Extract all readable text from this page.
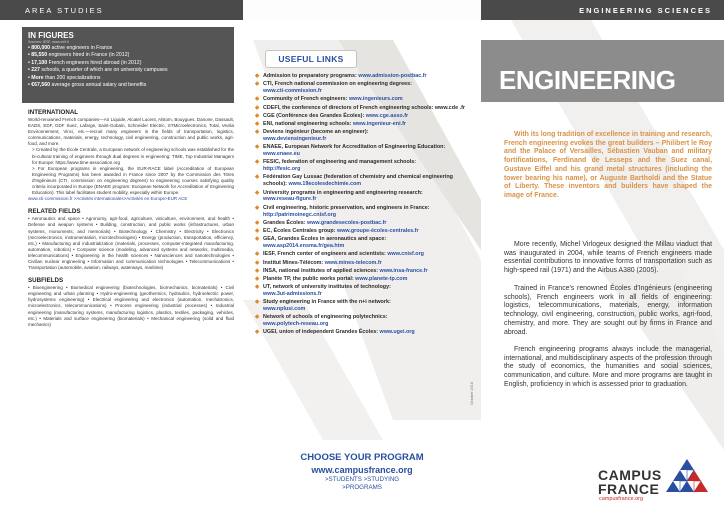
AREA STUDIES
IN FIGURES
Sources: IESF, www.ceif.fr
• 800,000 active engineers in France
• 85,550 engineers hired in France (in 2012)
• 17,100 French engineers hired abroad (in 2012)
• 227 schools, a quarter of which are on university campuses
• More than 200 specializations
• €67,560 average gross annual salary and benefits
INTERNATIONAL

World-renowned French companies—Air Liquide, Alcatel Lucent, Alstom, Bouygues, Danone, Dassault, EADS, EDF, GDF Suez, Lafarge, Saint-Gobain, Schneider Electric, STMicroelectronics, Total, Veolia Environnement, Vinci, etc.—recruit many engineers in the fields of transportation, logistics, communications, materials, energy, technology, civil engineering, construction and public works, agri-food, and more.

> Created by the École Centrale, a European network of engineering schools was established for the bi-cultural training of engineers through dual degrees in engineering: TIME, Top Industrial Managers for Europe: https://www.time-association.org

> For European programs in engineering, the EUR-RACE label (Accreditation of European Engineering Programs) has been awarded in France since 2007 by the Commission des Titres d'Ingénieurs (CTI, commission on engineering degrees) to engineering courses satisfying quality criteria incorporated in Europe (ENAEE program: European Network for Accreditation of Engineering Education). This label facilitates student mobility, especially within Europe.

www.cti-commission.fr >Activités internationales>Activités en Europe>EUR ACE

RELATED FIELDS

• Aeronautics and space • Agronomy, agri-food, agriculture, viniculture, environment, and health • Defense and weapon systems • Building, construction, and public works (infrastructures, urban systems, monuments, and memorials) • Biotechnology • Chemistry • Electricity • Electronics (microelectronics, instrumentation, microtechnologies) • Energy (production, transportation, efficiency, etc.) • Manufacturing and industrialization (materials, processes, computer-integrated manufacturing, automation, robotics) • Computer science (modeling, advanced systems and networks, multimedia, telecommunications) • Engineering in the health sciences • Nanosciences and nanotechnologies • Civilian nuclear engineering • Information and communication technologies • Telecommunications • Transportation (automobile, aviation, railways, waterways, maritime)

SUBFIELDS

• Bioengineering • Biomedical engineering (biotechnologies, biomechanics, biomaterials) • Civil engineering and urban planning • Hydro-engineering (geothermics, hydraulics, hydroelectric power, hydrosystems engineering) • Electrical engineering and electronics (automation, mechatronics, microelectronics, telecommunications) • Process engineering (industrial processes) • Industrial engineering (manufacturing systems, manufacturing logistics, plastics, textiles, packaging, vehicles, etc.) • Materials and surface engineering (biomaterials) • Mechanical engineering (solid and fluid mechanics)

USEFUL LINKS
◆ Admission to preparatory programs: www.admission-postbac.fr
◆ CTI, French national commission on engineering degrees:
www.cti-commission.fr
◆ Community of French engineers: www.ingenieurs.com
◆ CDEFI, the conference of directors of French engineering schools: www.cde .fr
◆ CGE (Conférence des Grandes Écoles): www.cge.asso.fr
◆ ENI, national engineering schools: www.ingenieur-eni.fr
◆ Deviens ingénieur (become an engineer):
www.deviensingenieur.fr
◆ ENAEE, European Network for Accreditation of Engineering Education: www.enaee.eu
◆ FESIC, federation of engineering and management schools:
http://fesic.org
◆ Fédération Gay Lussac (federation of chemistry and chemical engineering schools): www.19ecolesdechimie.com
◆ University programs in engineering and engineering research:
www.reseau-figure.fr
◆ Civil engineering, historic preservation, and engineers in France:
http://patrimoinegc.cnisf.org
◆ Grandes Écoles: www.grandesecoles-postbac.fr
◆ EC, Écoles Centrales group: www.groupe-écoles-centrales.fr
◆ GEA, Grandes Écoles in aeronautics and space:
www.asp2014.ensma.fr/gea.htm
◆ IESF, French center of engineers and scientists: www.cnisf.org
◆ Institut Mines-Télécom: www.mines-telecom.fr
◆ INSA, national institutes of applied sciences: www.insa-france.fr
◆ Planète TP, the public works portal: www.planete-tp.com
◆ UT, network of university institutes of technology:
www.3ut-admissions.fr
◆ Study engineering in France with the n+i network:
www.nplusi.com
◆ Network of schools of engineering polytechnics:
www.polytech-reseau.org
◆ UGEI, union of independent Grandes Écoles: www.ugei.org
October 2016
CHOOSE YOUR PROGRAM
www.campusfrance.org
>STUDENTS >STUDYING
>PROGRAMS
ENGINEERING SCIENCES
ENGINEERING

With its long tradition of excellence in training and research, French engineering evokes the great builders – Philibert le Roy and the Palace of Versailles, Sébastien Vauban and military fortifications, Ferdinand de Lesseps and the Suez canal, Gustave Eiffel and his grand metal structures (including the tower bearing his name), or Auguste Bartholdi and the Statue of Liberty. These inventors and builders have shaped the image of France.

More recently, Michel Virlogeux designed the Millau viaduct that was inaugurated in 2004, while teams of French engineers made essential contributions to innovative forms of transportation such as high-speed rail (1971) and the Airbus A380 (2005).

Trained in France's renowned Écoles d'Ingénieurs (engineering schools), French engineers work in all fields of engineering: logistics, telecommunications, materials, energy, information technology, civil engineering, construction, public works, agri-food, chemistry, and more. They are sought out by firms in France and abroad.

French engineering programs always include the managerial, international, and multidisciplinary aspects of the profession through the study of economics, the humanities and social sciences, communication, and culture. More and more programs are taught in English, proficiency in which is assessed prior to graduation.

CAMPUS
FRANCE
campusfrance.org
